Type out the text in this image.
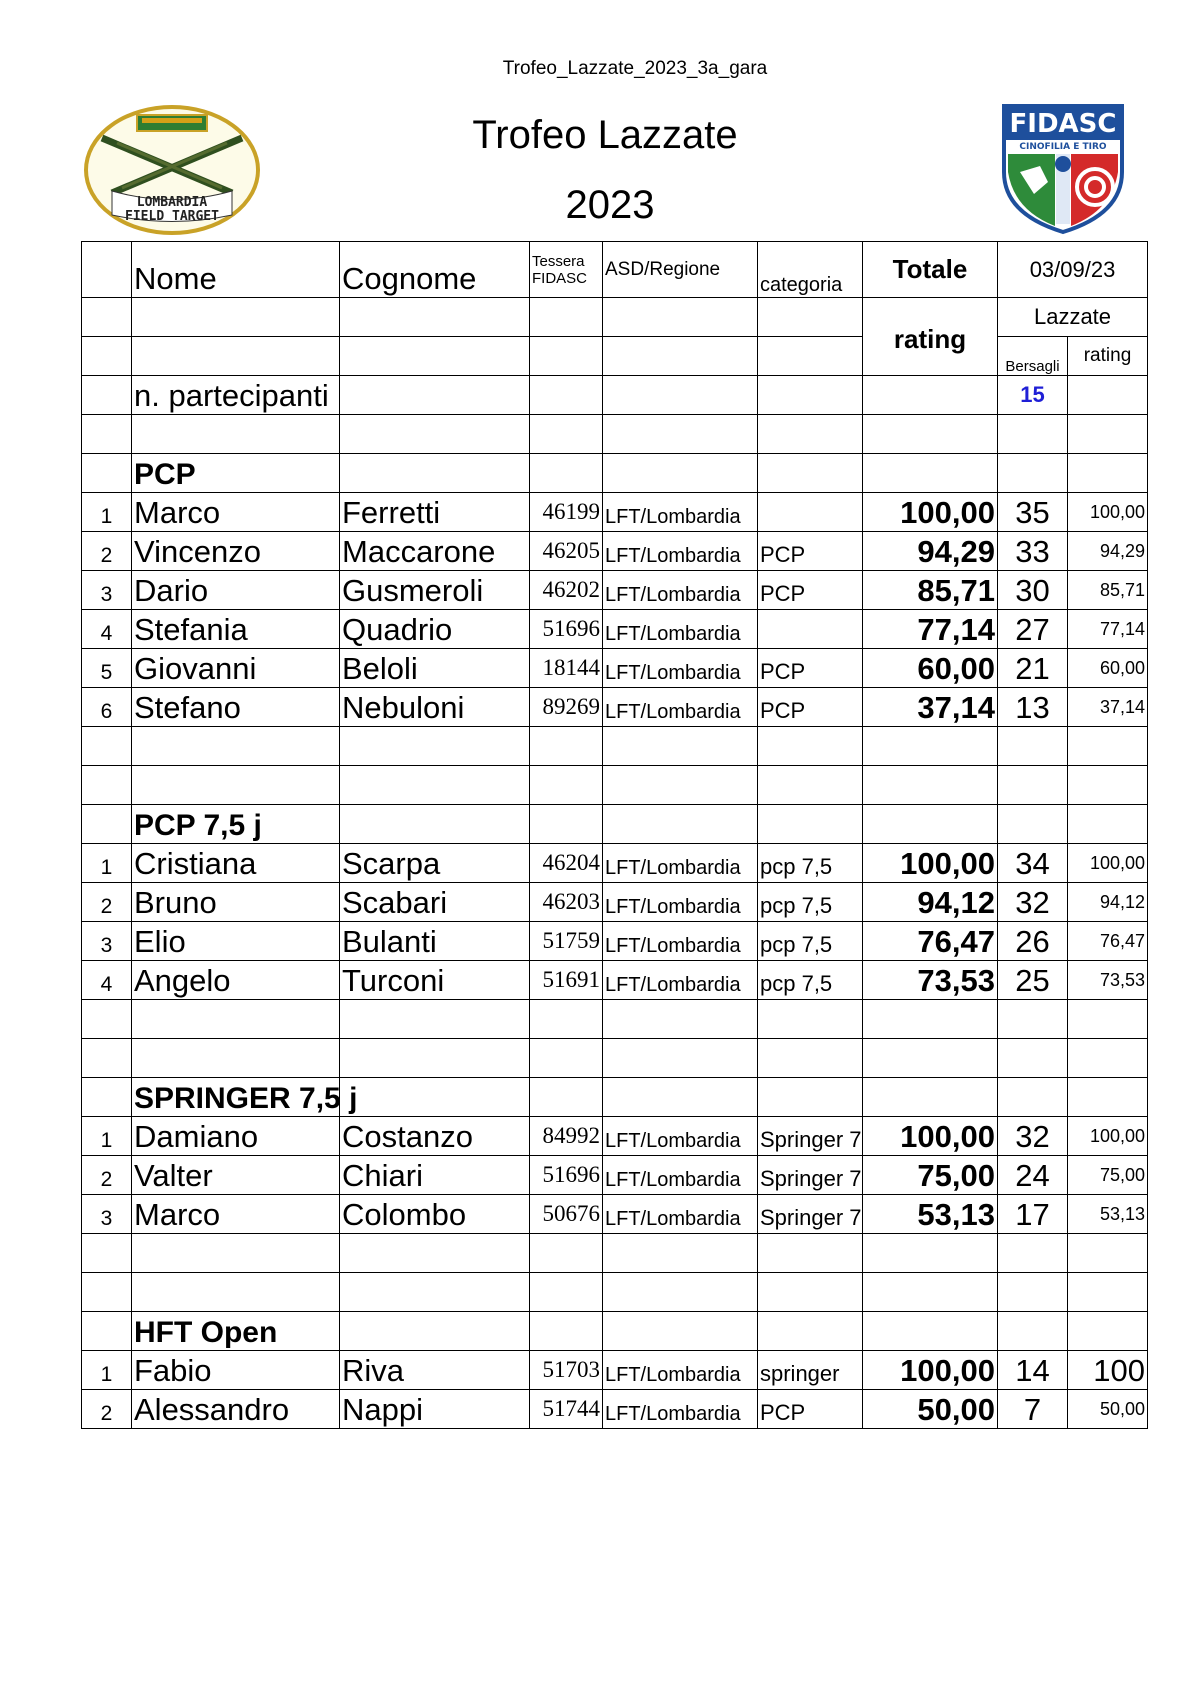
Trofeo_Lazzate_2023_3a_gara
LOMBARDIA
FIELD TARGET
Trofeo Lazzate
2023
FIDASC
CINOFILIA E TIRO
	Nome	Cognome	Tessera FIDASC	ASD/Regione	categoria	Totale	03/09/23	
						rating	Lazzate	
							Bersagli	rating
	n. partecipanti						15	

	PCP							
1	Marco	Ferretti	46199	LFT/Lombardia		100,00	35	100,00
2	Vincenzo	Maccarone	46205	LFT/Lombardia	PCP	94,29	33	94,29
3	Dario	Gusmeroli	46202	LFT/Lombardia	PCP	85,71	30	85,71
4	Stefania	Quadrio	51696	LFT/Lombardia		77,14	27	77,14
5	Giovanni	Beloli	18144	LFT/Lombardia	PCP	60,00	21	60,00
6	Stefano	Nebuloni	89269	LFT/Lombardia	PCP	37,14	13	37,14

	PCP 7,5 j							
1	Cristiana	Scarpa	46204	LFT/Lombardia	pcp 7,5	100,00	34	100,00
2	Bruno	Scabari	46203	LFT/Lombardia	pcp 7,5	94,12	32	94,12
3	Elio	Bulanti	51759	LFT/Lombardia	pcp 7,5	76,47	26	76,47
4	Angelo	Turconi	51691	LFT/Lombardia	pcp 7,5	73,53	25	73,53

	SPRINGER 7,5 j							
1	Damiano	Costanzo	84992	LFT/Lombardia	Springer 7	100,00	32	100,00
2	Valter	Chiari	51696	LFT/Lombardia	Springer 7	75,00	24	75,00
3	Marco	Colombo	50676	LFT/Lombardia	Springer 7	53,13	17	53,13

	HFT Open							
1	Fabio	Riva	51703	LFT/Lombardia	springer	100,00	14	100
2	Alessandro	Nappi	51744	LFT/Lombardia	PCP	50,00	7	50,00
